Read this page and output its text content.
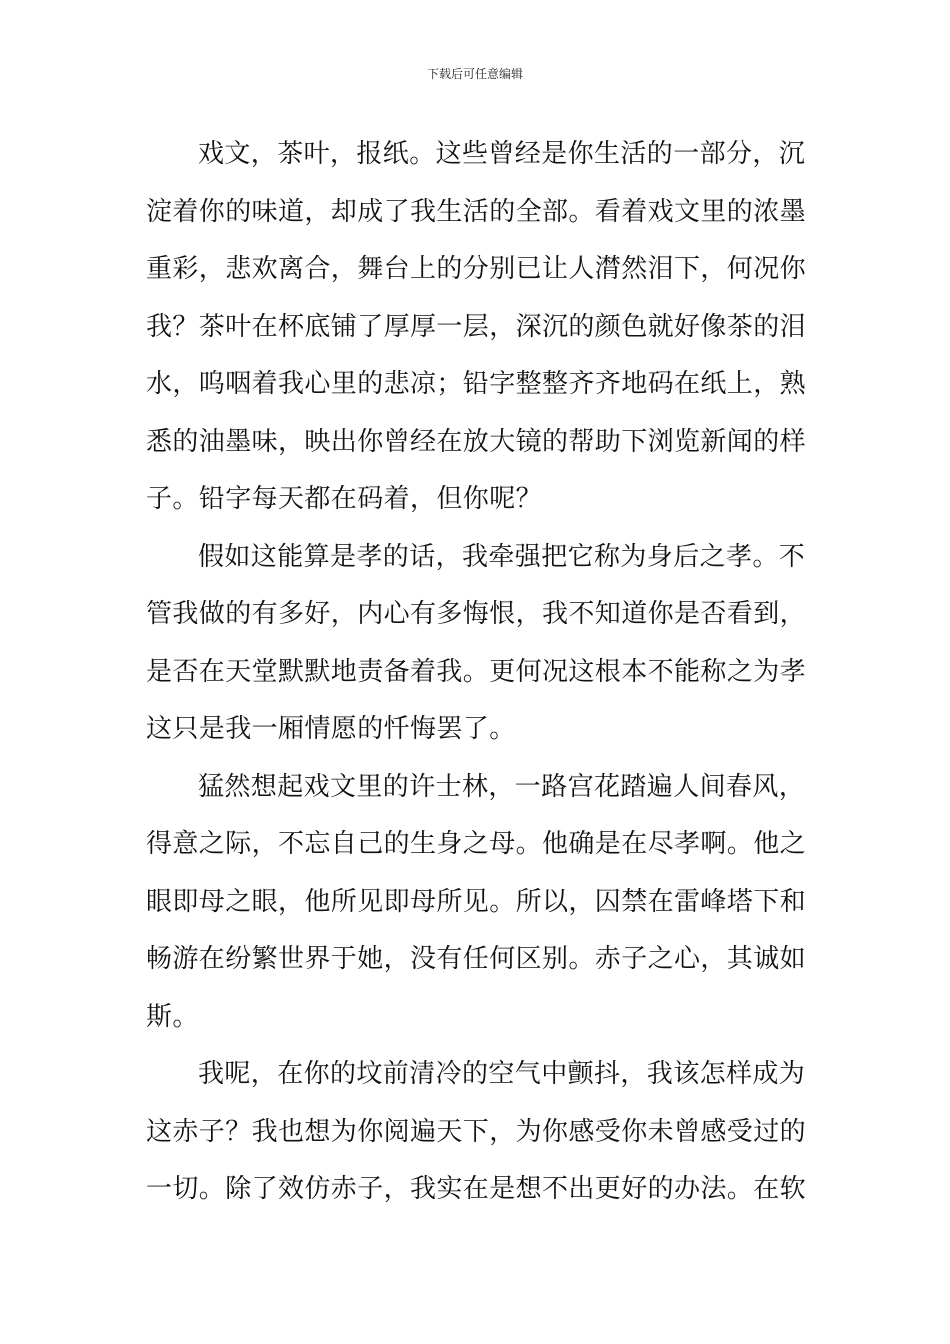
下载后可任意编辑
戏文，茶叶，报纸。这些曾经是你生活的一部分，沉
淀着你的味道，却成了我生活的全部。看着戏文里的浓墨
重彩，悲欢离合，舞台上的分别已让人潸然泪下，何况你
我？茶叶在杯底铺了厚厚一层，深沉的颜色就好像茶的泪
水，呜咽着我心里的悲凉；铅字整整齐齐地码在纸上，熟
悉的油墨味，映出你曾经在放大镜的帮助下浏览新闻的样
子。铅字每天都在码着，但你呢？
假如这能算是孝的话，我牵强把它称为身后之孝。不
管我做的有多好，内心有多悔恨，我不知道你是否看到，
是否在天堂默默地责备着我。更何况这根本不能称之为孝
这只是我一厢情愿的忏悔罢了。
猛然想起戏文里的许士林，一路宫花踏遍人间春风，
得意之际，不忘自己的生身之母。他确是在尽孝啊。他之
眼即母之眼，他所见即母所见。所以，囚禁在雷峰塔下和
畅游在纷繁世界于她，没有任何区别。赤子之心，其诚如
斯。
我呢，在你的坟前清冷的空气中颤抖，我该怎样成为
这赤子？我也想为你阅遍天下，为你感受你未曾感受过的
一切。除了效仿赤子，我实在是想不出更好的办法。在软
